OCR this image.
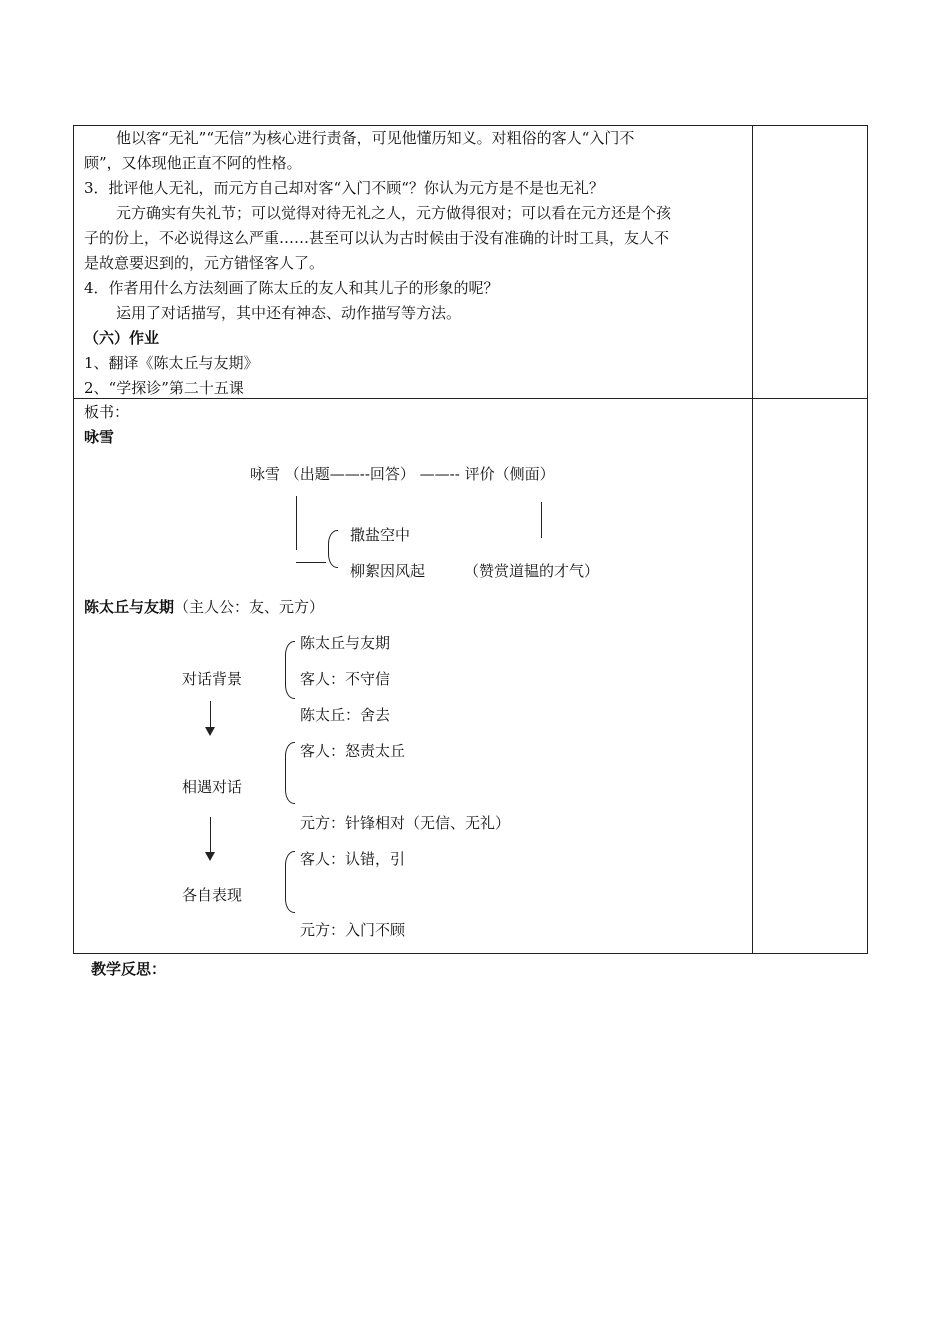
他以客“无礼”“无信”为核心进行责备，可见他懂历知义。对粗俗的客人“入门不
顾”，又体现他正直不阿的性格。
3．批评他人无礼，而元方自己却对客“入门不顾“？你认为元方是不是也无礼？
元方确实有失礼节；可以觉得对待无礼之人，元方做得很对；可以看在元方还是个孩
子的份上，不必说得这么严重……甚至可以认为古时候由于没有准确的计时工具，友人不
是故意要迟到的，元方错怪客人了。
4．作者用什么方法刻画了陈太丘的友人和其儿子的形象的呢？
运用了对话描写，其中还有神态、动作描写等方法。
（六）作业
1、翻译《陈太丘与友期》
2、“学探诊”第二十五课
板书：
咏雪
咏雪 （出题——--回答） ——-- 评价（侧面）
撒盐空中
柳絮因风起	（赞赏道韫的才气）
陈太丘与友期（主人公：友、元方）
对话背景
陈太丘与友期
客人：不守信
陈太丘：舍去
相遇对话
客人：怒责太丘
元方：针锋相对（无信、无礼）
各自表现
客人：认错，引
元方：入门不顾
教学反思：
